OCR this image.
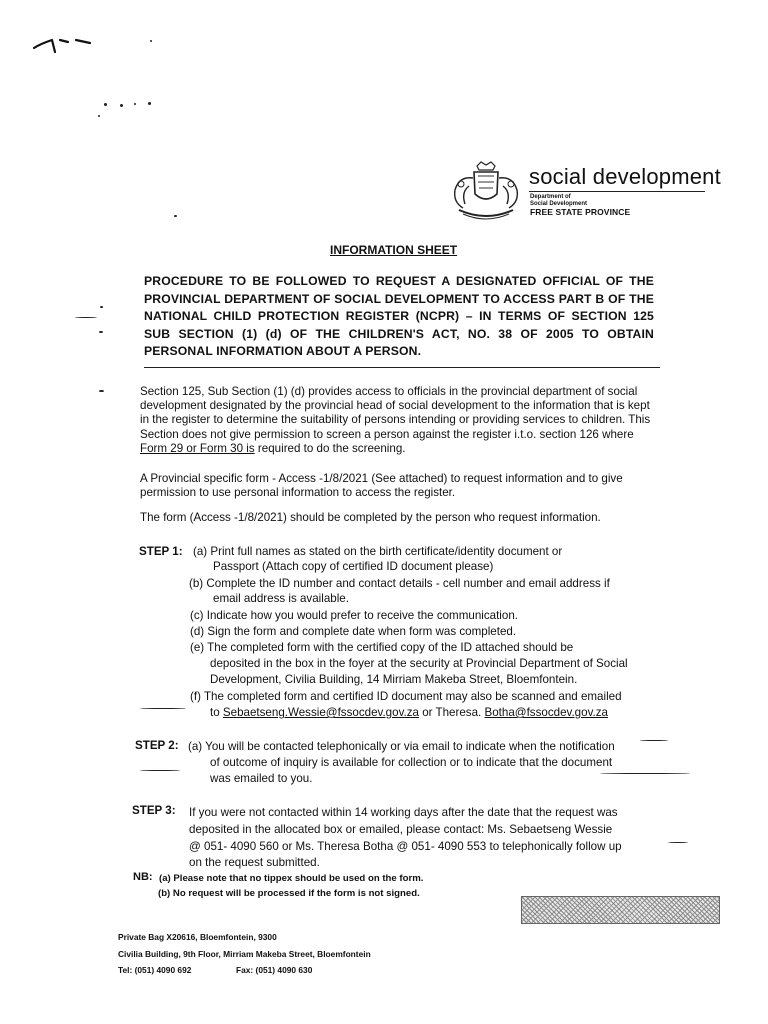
social development
Department of
Social Development
FREE STATE PROVINCE
INFORMATION SHEET
PROCEDURE TO BE FOLLOWED TO REQUEST A DESIGNATED OFFICIAL OF THE PROVINCIAL DEPARTMENT OF SOCIAL DEVELOPMENT TO ACCESS PART B OF THE NATIONAL CHILD PROTECTION REGISTER (NCPR) – IN TERMS OF SECTION 125 SUB SECTION (1) (d) OF THE CHILDREN'S ACT, NO. 38 OF 2005 TO OBTAIN PERSONAL INFORMATION ABOUT A PERSON.
Section 125, Sub Section (1) (d) provides access to officials in the provincial department of social development designated by the provincial head of social development to the information that is kept in the register to determine the suitability of persons intending or providing services to children. This Section does not give permission to screen a person against the register i.t.o. section 126 where Form 29 or Form 30 is required to do the screening.
A Provincial specific form - Access -1/8/2021 (See attached) to request information and to give permission to use personal information to access the register.
The form (Access -1/8/2021) should be completed by the person who request information.
STEP 1: (a) Print full names as stated on the birth certificate/identity document or
Passport (Attach copy of certified ID document please)
(b) Complete the ID number and contact details - cell number and email address if
email address is available.
(c) Indicate how you would prefer to receive the communication.
(d) Sign the form and complete date when form was completed.
(e) The completed form with the certified copy of the ID attached should be
deposited in the box in the foyer at the security at Provincial Department of Social
Development, Civilia Building, 14 Mirriam Makeba Street, Bloemfontein.
(f) The completed form and certified ID document may also be scanned and emailed
to Sebaetseng.Wessie@fssocdev.gov.za or Theresa. Botha@fssocdev.gov.za
STEP 2: (a) You will be contacted telephonically or via email to indicate when the notification
of outcome of inquiry is available for collection or to indicate that the document
was emailed to you.
STEP 3: If you were not contacted within 14 working days after the date that the request was
deposited in the allocated box or emailed, please contact: Ms. Sebaetseng Wessie
@ 051- 4090 560 or Ms. Theresa Botha @ 051- 4090 553 to telephonically follow up
on the request submitted.
NB: (a) Please note that no tippex should be used on the form.
(b) No request will be processed if the form is not signed.
Private Bag X20616, Bloemfontein, 9300
Civilia Building, 9th Floor, Mirriam Makeba Street, Bloemfontein
Tel: (051) 4090 692	Fax: (051) 4090 630
